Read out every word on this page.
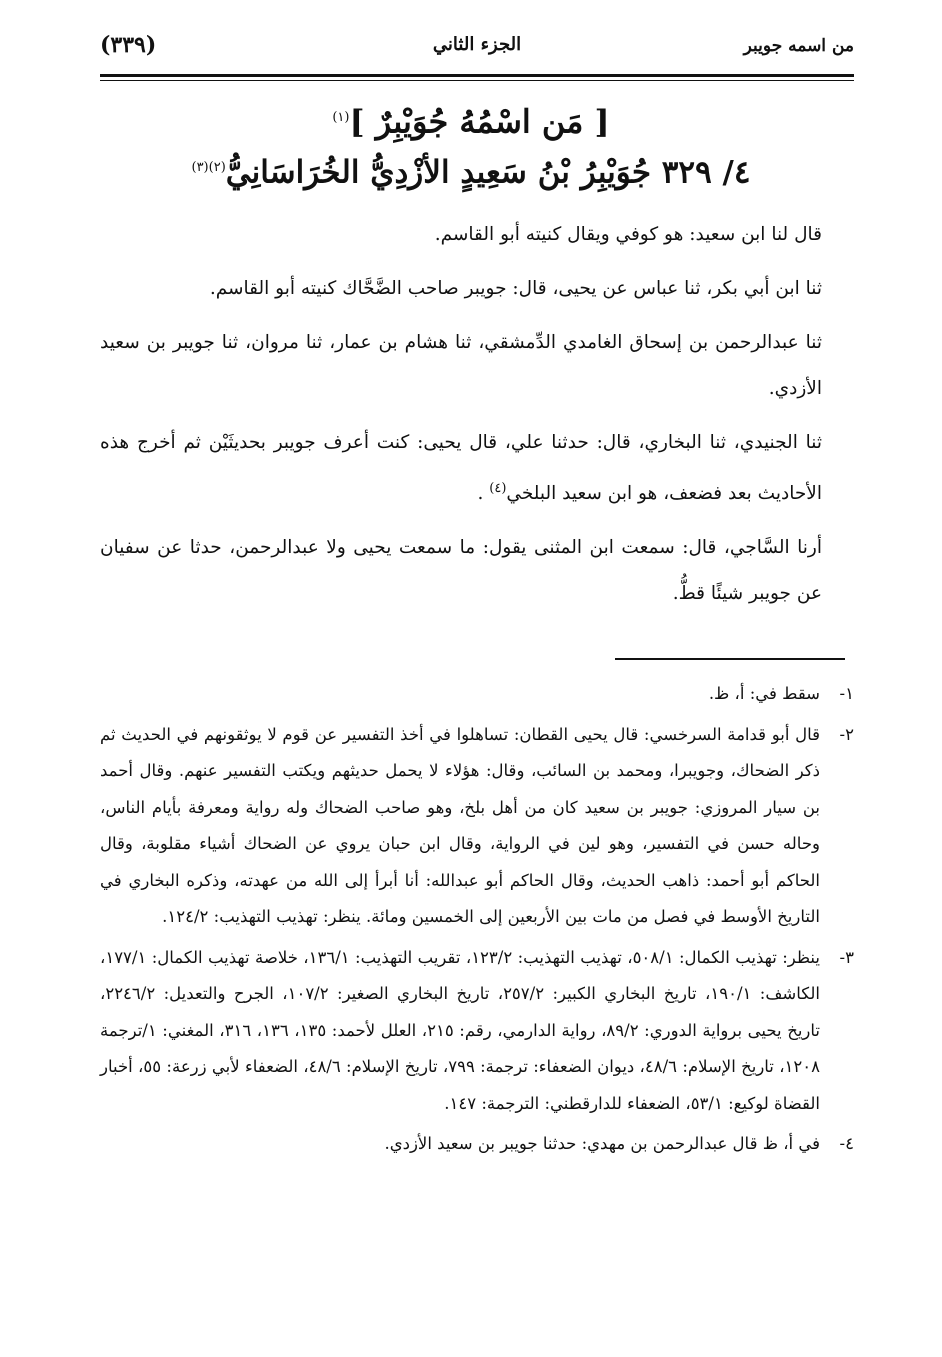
من اسمه جويبر
الجزء الثاني
(٣٣٩)
[ مَن اسْمُهُ جُوَيْبِرٌ ]$^{(١)}$
٤/ ٣٢٩ جُوَيْبِرُ بْنُ سَعِيدٍ الأزْدِيُّ الخُرَاسَانِيُّ$^{(٢)(٣)}$

قال لنا ابن سعيد: هو كوفي ويقال كنيته أبو القاسم.

ثنا ابن أبي بكر، ثنا عباس عن يحيى، قال: جويبر صاحب الضَّحَّاك كنيته أبو القاسم.

ثنا عبدالرحمن بن إسحاق الغامدي الدِّمشقي، ثنا هشام بن عمار، ثنا مروان، ثنا جويبر بن سعيد الأزدي.

ثنا الجنيدي، ثنا البخاري، قال: حدثنا علي، قال يحيى: كنت أعرف جويبر بحديثَيْن ثم أخرج هذه الأحاديث بعد فضعف، هو ابن سعيد البلخي$^{(٤)}$ .

أرنا السَّاجي، قال: سمعت ابن المثنى يقول: ما سمعت يحيى ولا عبدالرحمن، حدثا عن سفيان عن جويبر شيئًا قطُّ.

١-
سقط في: أ، ظ.

٢-
قال أبو قدامة السرخسي: قال يحيى القطان: تساهلوا في أخذ التفسير عن قوم لا يوثقونهم في الحديث ثم ذكر الضحاك، وجويبرا، ومحمد بن السائب، وقال: هؤلاء لا يحمل حديثهم ويكتب التفسير عنهم. وقال أحمد بن سيار المروزي: جويبر بن سعيد كان من أهل بلخ، وهو صاحب الضحاك وله رواية ومعرفة بأيام الناس، وحاله حسن في التفسير، وهو لين في الرواية، وقال ابن حبان يروي عن الضحاك أشياء مقلوبة، وقال الحاكم أبو أحمد: ذاهب الحديث، وقال الحاكم أبو عبدالله: أنا أبرأ إلى الله من عهدته، وذكره البخاري في التاريخ الأوسط في فصل من مات بين الأربعين إلى الخمسين ومائة. ينظر: تهذيب التهذيب: ١٢٤/٢.

٣-
ينظر: تهذيب الكمال: ٥٠٨/١، تهذيب التهذيب: ١٢٣/٢، تقريب التهذيب: ١٣٦/١، خلاصة تهذيب الكمال: ١٧٧/١، الكاشف: ١٩٠/١، تاريخ البخاري الكبير: ٢٥٧/٢، تاريخ البخاري الصغير: ١٠٧/٢، الجرح والتعديل: ٢٢٤٦/٢، تاريخ يحيى برواية الدوري: ٨٩/٢، رواية الدارمي، رقم: ٢١٥، العلل لأحمد: ١٣٥، ١٣٦، ٣١٦، المغني: ١/ترجمة ١٢٠٨، تاريخ الإسلام: ٤٨/٦، ديوان الضعفاء: ترجمة: ٧٩٩، تاريخ الإسلام: ٤٨/٦، الضعفاء لأبي زرعة: ٥٥، أخبار القضاة لوكيع: ٥٣/١، الضعفاء للدارقطني: الترجمة: ١٤٧.

٤-
في أ، ظ قال عبدالرحمن بن مهدي: حدثنا جويبر بن سعيد الأزدي.
